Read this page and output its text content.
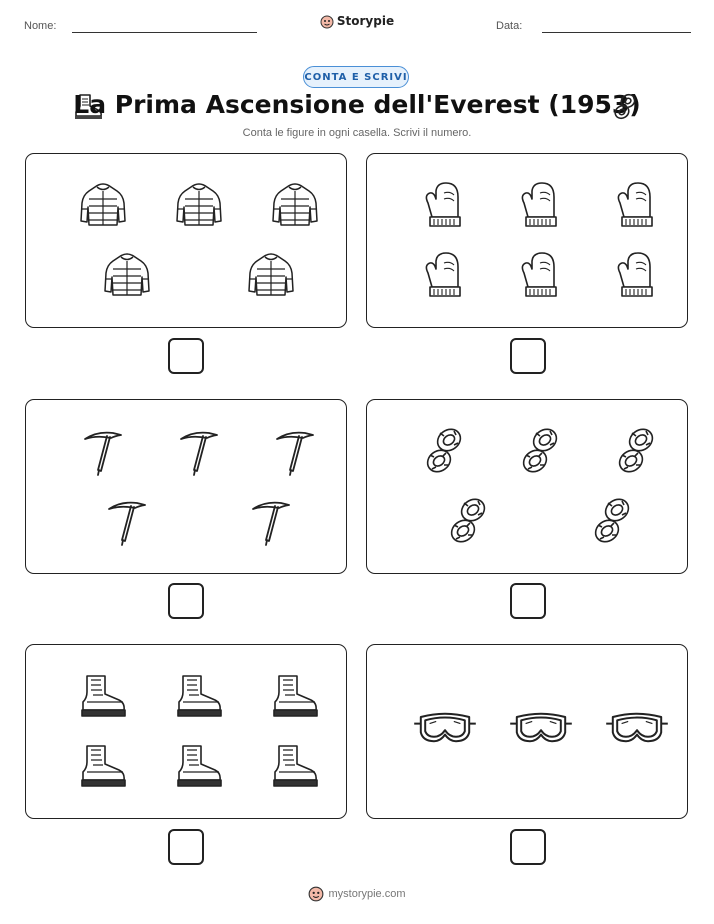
Nome:	Storypie	Data:
CONTA E SCRIVI
La Prima Ascensione dell'Everest (1953)
Conta le figure in ogni casella. Scrivi il numero.
mystorypie.com
